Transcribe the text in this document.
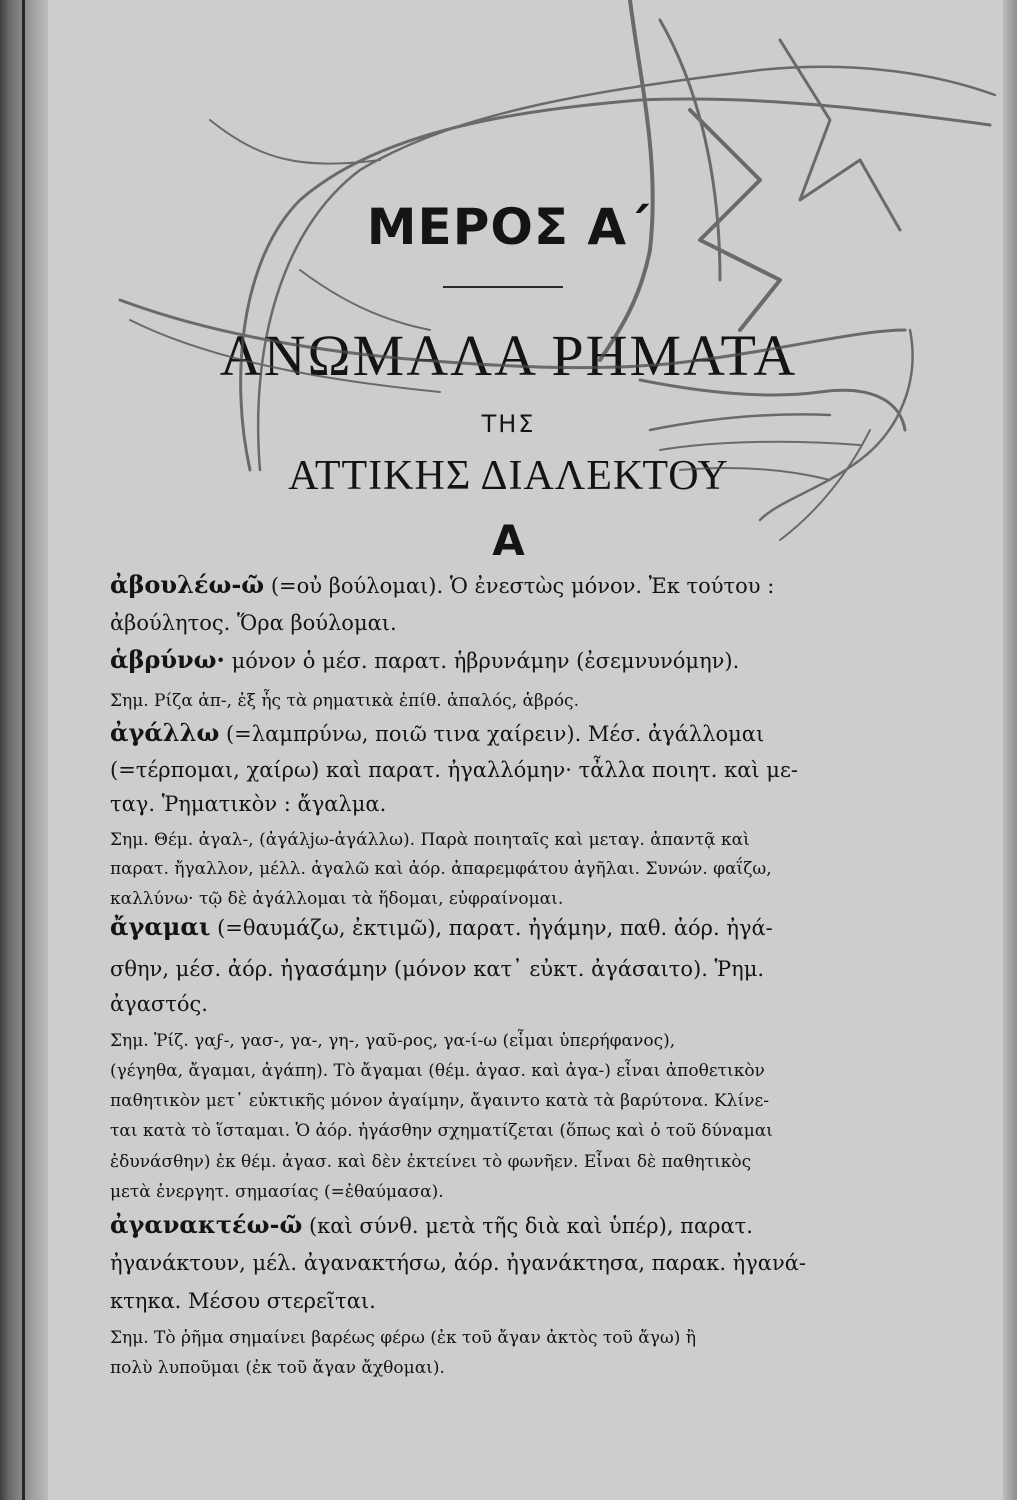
ΜΕΡΟΣ Α΄
ΑΝΩΜΑΛΑ ΡΗΜΑΤΑ
ΤΗΣ
ΑΤΤΙΚΗΣ ΔΙΑΛΕΚΤΟΥ
Α
ἀβουλέω-ῶ (=οὐ βούλομαι). Ὁ ἐνεστὼς μόνον. Ἐκ τούτου :
ἀβούλητος. Ὅρα βούλομαι.
ἁβρύνω· μόνον ὁ μέσ. παρατ. ἡβρυνάμην (ἐσεμνυνόμην).
Σημ. Ρίζα ἀπ-, ἐξ ἧς τὰ ρηματικὰ ἐπίθ. ἁπαλός, ἁβρός.
ἀγάλλω (=λαμπρύνω, ποιῶ τινα χαίρειν). Μέσ. ἀγάλλομαι
(=τέρπομαι, χαίρω) καὶ παρατ. ἠγαλλόμην· τἆλλα ποιητ. καὶ με-
ταγ. Ῥηματικὸν : ἄγαλμα.
Σημ. Θέμ. ἀγαλ-, (ἀγάλjω-ἀγάλλω). Παρὰ ποιηταῖς καὶ μεταγ. ἀπαντᾷ καὶ
παρατ. ἤγαλλον, μέλλ. ἀγαλῶ καὶ ἀόρ. ἀπαρεμφάτου ἀγῆλαι. Συνών. φαΐζω,
καλλύνω· τῷ δὲ ἀγάλλομαι τὰ ἥδομαι, εὐφραίνομαι.
ἄγαμαι (=θαυμάζω, ἐκτιμῶ), παρατ. ἠγάμην, παθ. ἀόρ. ἠγά-
σθην, μέσ. ἀόρ. ἠγασάμην (μόνον κατ᾿ εὐκτ. ἀγάσαιτο). Ῥημ.
ἀγαστός.
Σημ. Ῥίζ. γαϝ-, γασ-, γα-, γη-, γαῦ-ρος, γα-ί-ω (εἶμαι ὑπερήφανος),
(γέγηθα, ἄγαμαι, ἀγάπη). Τὸ ἄγαμαι (θέμ. ἀγασ. καὶ ἀγα-) εἶναι ἀποθετικὸν
παθητικὸν μετ᾿ εὐκτικῆς μόνον ἀγαίμην, ἄγαιντο κατὰ τὰ βαρύτονα. Κλίνε-
ται κατὰ τὸ ἵσταμαι. Ὁ ἀόρ. ἠγάσθην σχηματίζεται (ὅπως καὶ ὁ τοῦ δύναμαι
ἐδυνάσθην) ἐκ θέμ. ἀγασ. καὶ δὲν ἐκτείνει τὸ φωνῆεν. Εἶναι δὲ παθητικὸς
μετὰ ἐνεργητ. σημασίας (=ἐθαύμασα).
ἀγανακτέω-ῶ (καὶ σύνθ. μετὰ τῆς διὰ καὶ ὑπέρ), παρατ.
ἠγανάκτουν, μέλ. ἀγανακτήσω, ἀόρ. ἠγανάκτησα, παρακ. ἠγανά-
κτηκα. Μέσου στερεῖται.
Σημ. Τὸ ῥῆμα σημαίνει βαρέως φέρω (ἐκ τοῦ ἄγαν ἀκτὸς τοῦ ἄγω) ἢ
πολὺ λυποῦμαι (ἐκ τοῦ ἄγαν ἄχθομαι).
